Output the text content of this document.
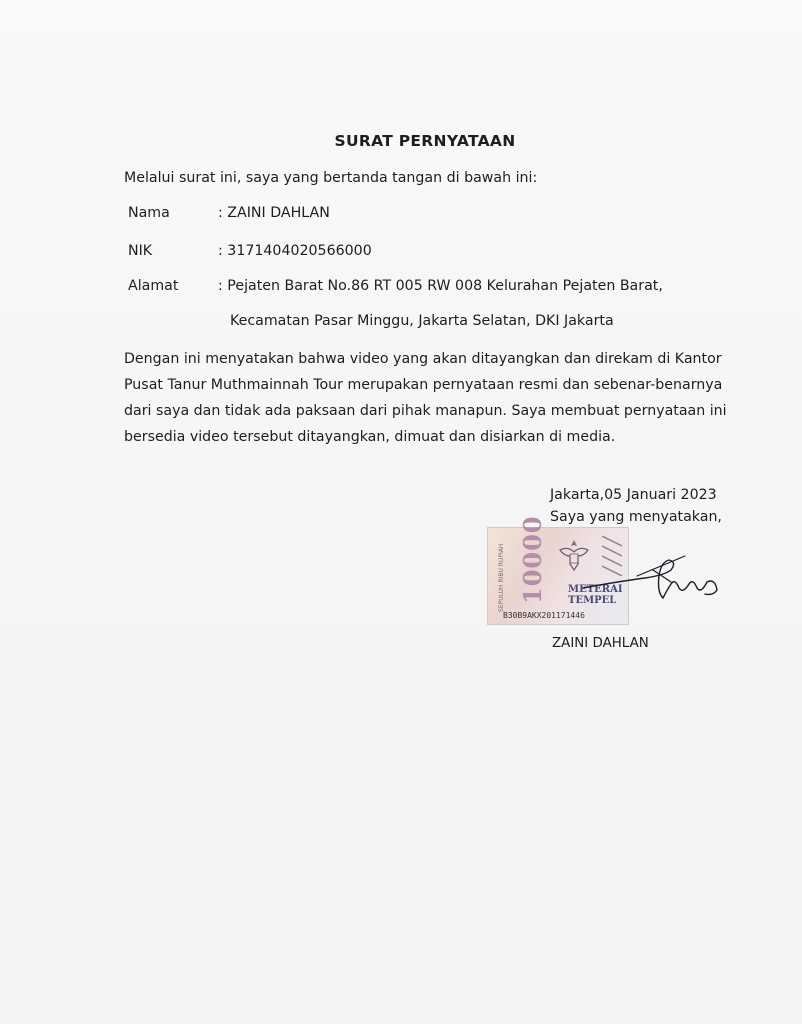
SURAT PERNYATAAN
Melalui surat ini, saya yang bertanda tangan di bawah ini:
Nama	: ZAINI DAHLAN
NIK	: 3171404020566000
Alamat	: Pejaten Barat No.86 RT 005 RW 008 Kelurahan Pejaten Barat,
Kecamatan Pasar Minggu, Jakarta Selatan, DKI Jakarta
Dengan ini menyatakan bahwa video yang akan ditayangkan dan direkam di Kantor
Pusat Tanur Muthmainnah Tour merupakan pernyataan resmi dan sebenar-benarnya
dari saya dan tidak ada paksaan dari pihak manapun. Saya membuat pernyataan ini
bersedia video tersebut ditayangkan, dimuat dan disiarkan di media.
Jakarta,05 Januari 2023
Saya yang menyatakan,
SEPULUH RIBU RUPIAH 10000 METERAI
TEMPEL
B30B9AKX201171446
ZAINI DAHLAN
